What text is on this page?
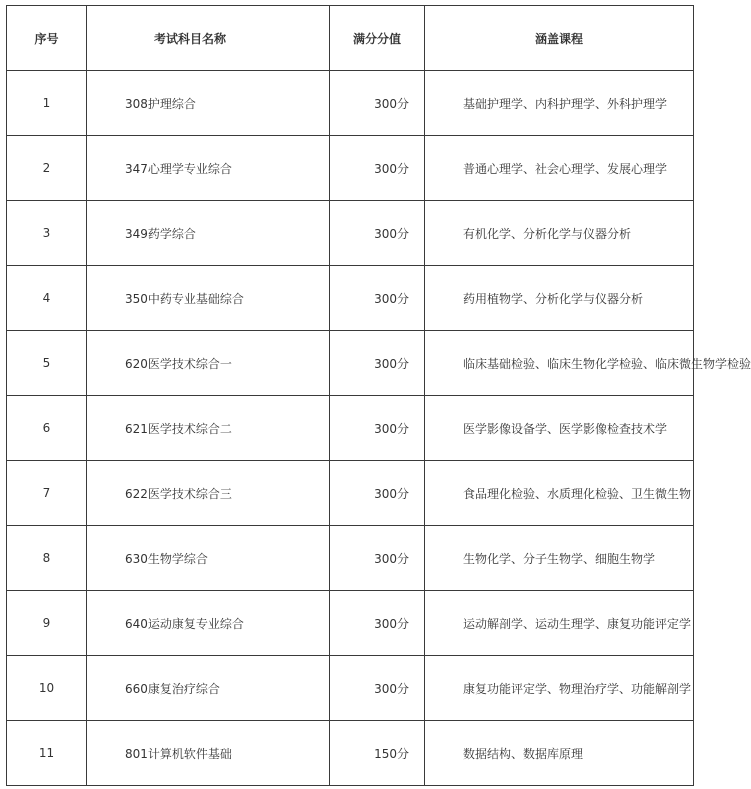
序号	考试科目名称	满分分值	涵盖课程
1	308护理综合	300分	基础护理学、内科护理学、外科护理学
2	347心理学专业综合	300分	普通心理学、社会心理学、发展心理学
3	349药学综合	300分	有机化学、分析化学与仪器分析
4	350中药专业基础综合	300分	药用植物学、分析化学与仪器分析
5	620医学技术综合一	300分	临床基础检验、临床生物化学检验、临床微生物学检验
6	621医学技术综合二	300分	医学影像设备学、医学影像检查技术学
7	622医学技术综合三	300分	食品理化检验、水质理化检验、卫生微生物
8	630生物学综合	300分	生物化学、分子生物学、细胞生物学
9	640运动康复专业综合	300分	运动解剖学、运动生理学、康复功能评定学
10	660康复治疗综合	300分	康复功能评定学、物理治疗学、功能解剖学
11	801计算机软件基础	150分	数据结构、数据库原理
